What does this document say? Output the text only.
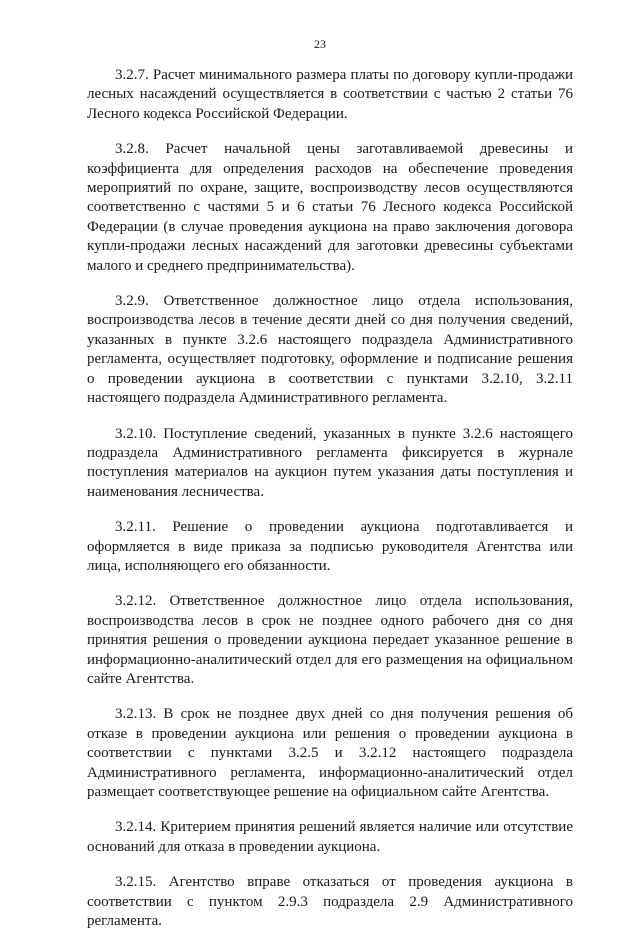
23

3.2.7. Расчет минимального размера платы по договору купли-продажи лесных насаждений осуществляется в соответствии с частью 2 статьи 76 Лесного кодекса Российской Федерации.

3.2.8. Расчет начальной цены заготавливаемой древесины и коэффициента для определения расходов на обеспечение проведения мероприятий по охране, защите, воспроизводству лесов осуществляются соответственно с частями 5 и 6 статьи 76 Лесного кодекса Российской Федерации (в случае проведения аукциона на право заключения договора купли-продажи лесных насаждений для заготовки древесины субъектами малого и среднего предпринимательства).

3.2.9. Ответственное должностное лицо отдела использования, воспроизводства лесов в течение десяти дней со дня получения сведений, указанных в пункте 3.2.6 настоящего подраздела Административного регламента, осуществляет подготовку, оформление и подписание решения о проведении аукциона в соответствии с пунктами 3.2.10, 3.2.11 настоящего подраздела Административного регламента.

3.2.10. Поступление сведений, указанных в пункте 3.2.6 настоящего подраздела Административного регламента фиксируется в журнале поступления материалов на аукцион путем указания даты поступления и наименования лесничества.

3.2.11. Решение о проведении аукциона подготавливается и оформляется в виде приказа за подписью руководителя Агентства или лица, исполняющего его обязанности.

3.2.12. Ответственное должностное лицо отдела использования, воспроизводства лесов в срок не позднее одного рабочего дня со дня принятия решения о проведении аукциона передает указанное решение в информационно-аналитический отдел для его размещения на официальном сайте Агентства.

3.2.13. В срок не позднее двух дней со дня получения решения об отказе в проведении аукциона или решения о проведении аукциона в соответствии с пунктами 3.2.5 и 3.2.12 настоящего подраздела Административного регламента, информационно-аналитический отдел размещает соответствующее решение на официальном сайте Агентства.

3.2.14. Критерием принятия решений является наличие или отсутствие оснований для отказа в проведении аукциона.

3.2.15. Агентство вправе отказаться от проведения аукциона в соответствии с пунктом 2.9.3 подраздела 2.9 Административного регламента.
